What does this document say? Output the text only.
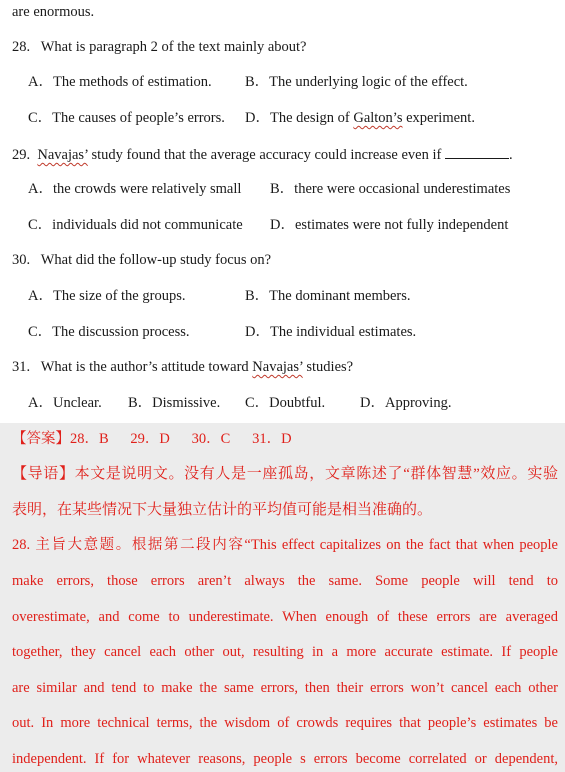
are enormous.
28. What is paragraph 2 of the text mainly about?
A．The methods of estimation. B．The underlying logic of the effect.
C．The causes of people’s errors. D．The design of Galton’s experiment.
29. Navajas’ study found that the average accuracy could increase even if	.
A．the crowds were relatively small B．there were occasional underestimates
C．individuals did not communicate D．estimates were not fully independent
30. What did the follow-up study focus on?
A．The size of the groups.	B．The dominant members.
C．The discussion process.	D．The individual estimates.
31. What is the author’s attitude toward Navajas’ studies?
A．Unclear. B．Dismissive. C．Doubtful. D．Approving.
【答案】28．B 29．D 30．C 31．D
【导语】本文是说明文。没有人是一座孤岛，文章陈述了“群体智慧”效应。实验
表明，在某些情况下大量独立估计的平均值可能是相当准确的。
28. 主旨大意题。根据第二段内容“This effect capitalizes on the fact that when people
make errors, those errors aren’t always the same. Some people will tend to
overestimate, and come to underestimate. When enough of these errors are averaged
together, they cancel each other out, resulting in a more accurate estimate. If people
are similar and tend to make the same errors, then their errors won’t cancel each other
out. In more technical terms, the wisdom of crowds requires that people’s estimates be
independent. If for whatever reasons, people s errors become correlated or dependent,
